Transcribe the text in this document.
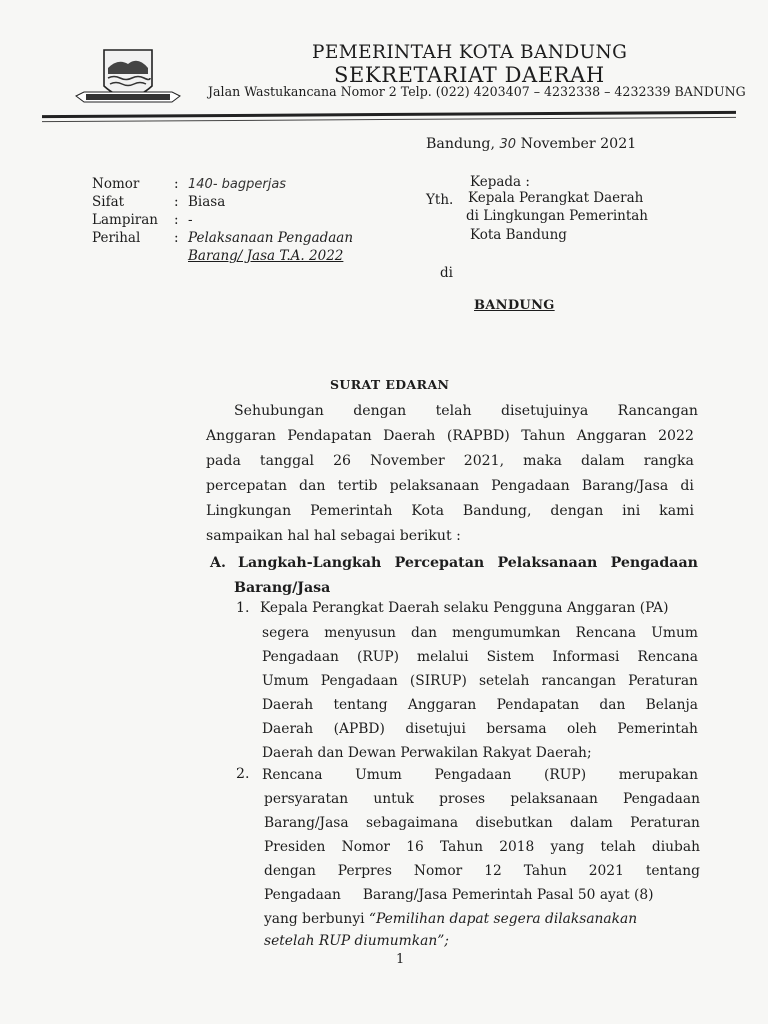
PEMERINTAH KOTA BANDUNG
SEKRETARIAT DAERAH
Jalan Wastukancana Nomor 2 Telp. (022) 4203407 – 4232338 – 4232339 BANDUNG
Bandung, 30 November 2021
Nomor	: 140- bagperjas
Sifat	: Biasa
Lampiran : -
Perihal : Pelaksanaan Pengadaan
Barang/ Jasa T.A. 2022
Kepada :
Yth. Kepala Perangkat Daerah
di Lingkungan Pemerintah
Kota Bandung
di
BANDUNG
SURAT EDARAN
Sehubungan dengan telah disetujuinya Rancangan
Anggaran Pendapatan Daerah (RAPBD) Tahun Anggaran 2022
pada tanggal 26 November 2021, maka dalam rangka
percepatan dan tertib pelaksanaan Pengadaan Barang/Jasa di
Lingkungan Pemerintah Kota Bandung, dengan ini kami
sampaikan hal hal sebagai berikut :
A. Langkah-Langkah Percepatan Pelaksanaan Pengadaan
Barang/Jasa
1. Kepala Perangkat Daerah selaku Pengguna Anggaran (PA)
segera menyusun dan mengumumkan Rencana Umum
Pengadaan (RUP) melalui Sistem Informasi Rencana
Umum Pengadaan (SIRUP) setelah rancangan Peraturan
Daerah tentang Anggaran Pendapatan dan Belanja
Daerah (APBD) disetujui bersama oleh Pemerintah
Daerah dan Dewan Perwakilan Rakyat Daerah;
2. Rencana Umum Pengadaan (RUP) merupakan
persyaratan untuk proses pelaksanaan Pengadaan
Barang/Jasa sebagaimana disebutkan dalam Peraturan
Presiden Nomor 16 Tahun 2018 yang telah diubah
dengan Perpres Nomor 12 Tahun 2021 tentang
Pengadaan Barang/Jasa Pemerintah Pasal 50 ayat (8)
yang berbunyi “Pemilihan dapat segera dilaksanakan
setelah RUP diumumkan”;
1
